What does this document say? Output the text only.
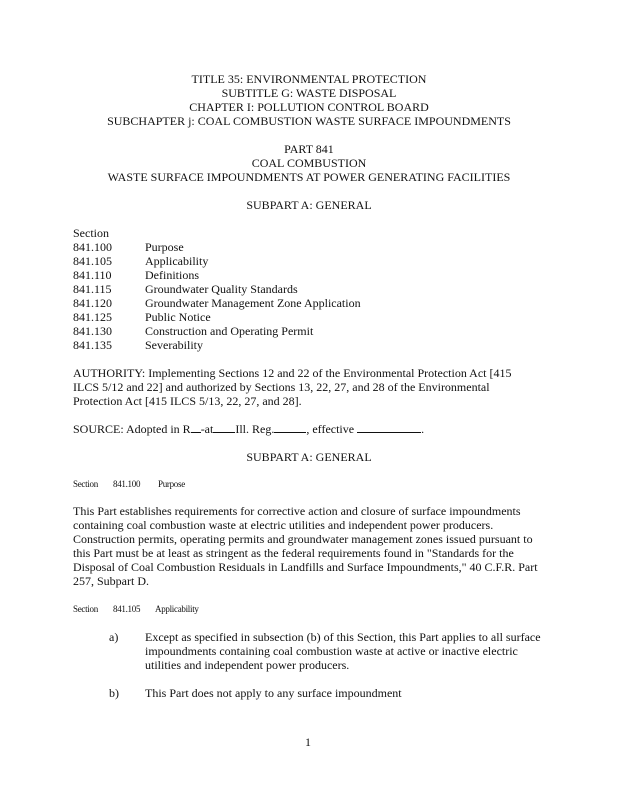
TITLE 35: ENVIRONMENTAL PROTECTION
SUBTITLE G: WASTE DISPOSAL
CHAPTER I: POLLUTION CONTROL BOARD
SUBCHAPTER j: COAL COMBUSTION WASTE SURFACE IMPOUNDMENTS
PART 841
COAL COMBUSTION
WASTE SURFACE IMPOUNDMENTS AT POWER GENERATING FACILITIES
SUBPART A: GENERAL
Section
841.100	Purpose
841.105	Applicability
841.110	Definitions
841.115	Groundwater Quality Standards
841.120	Groundwater Management Zone Application
841.125	Public Notice
841.130	Construction and Operating Permit
841.135	Severability
AUTHORITY: Implementing Sections 12 and 22 of the Environmental Protection Act [415
ILCS 5/12 and 22] and authorized by Sections 13, 22, 27, and 28 of the Environmental
Protection Act [415 ILCS 5/13, 22, 27, and 28].
SOURCE: Adopted in R -at Ill. Reg.	, effective	.
SUBPART A: GENERAL
Section 841.100 Purpose
This Part establishes requirements for corrective action and closure of surface impoundments
containing coal combustion waste at electric utilities and independent power producers.
Construction permits, operating permits and groundwater management zones issued pursuant to
this Part must be at least as stringent as the federal requirements found in "Standards for the
Disposal of Coal Combustion Residuals in Landfills and Surface Impoundments," 40 C.F.R. Part
257, Subpart D.
Section 841.105 Applicability
a) Except as specified in subsection (b) of this Section, this Part applies to all surface
impoundments containing coal combustion waste at active or inactive electric
utilities and independent power producers.
b) This Part does not apply to any surface impoundment
1
